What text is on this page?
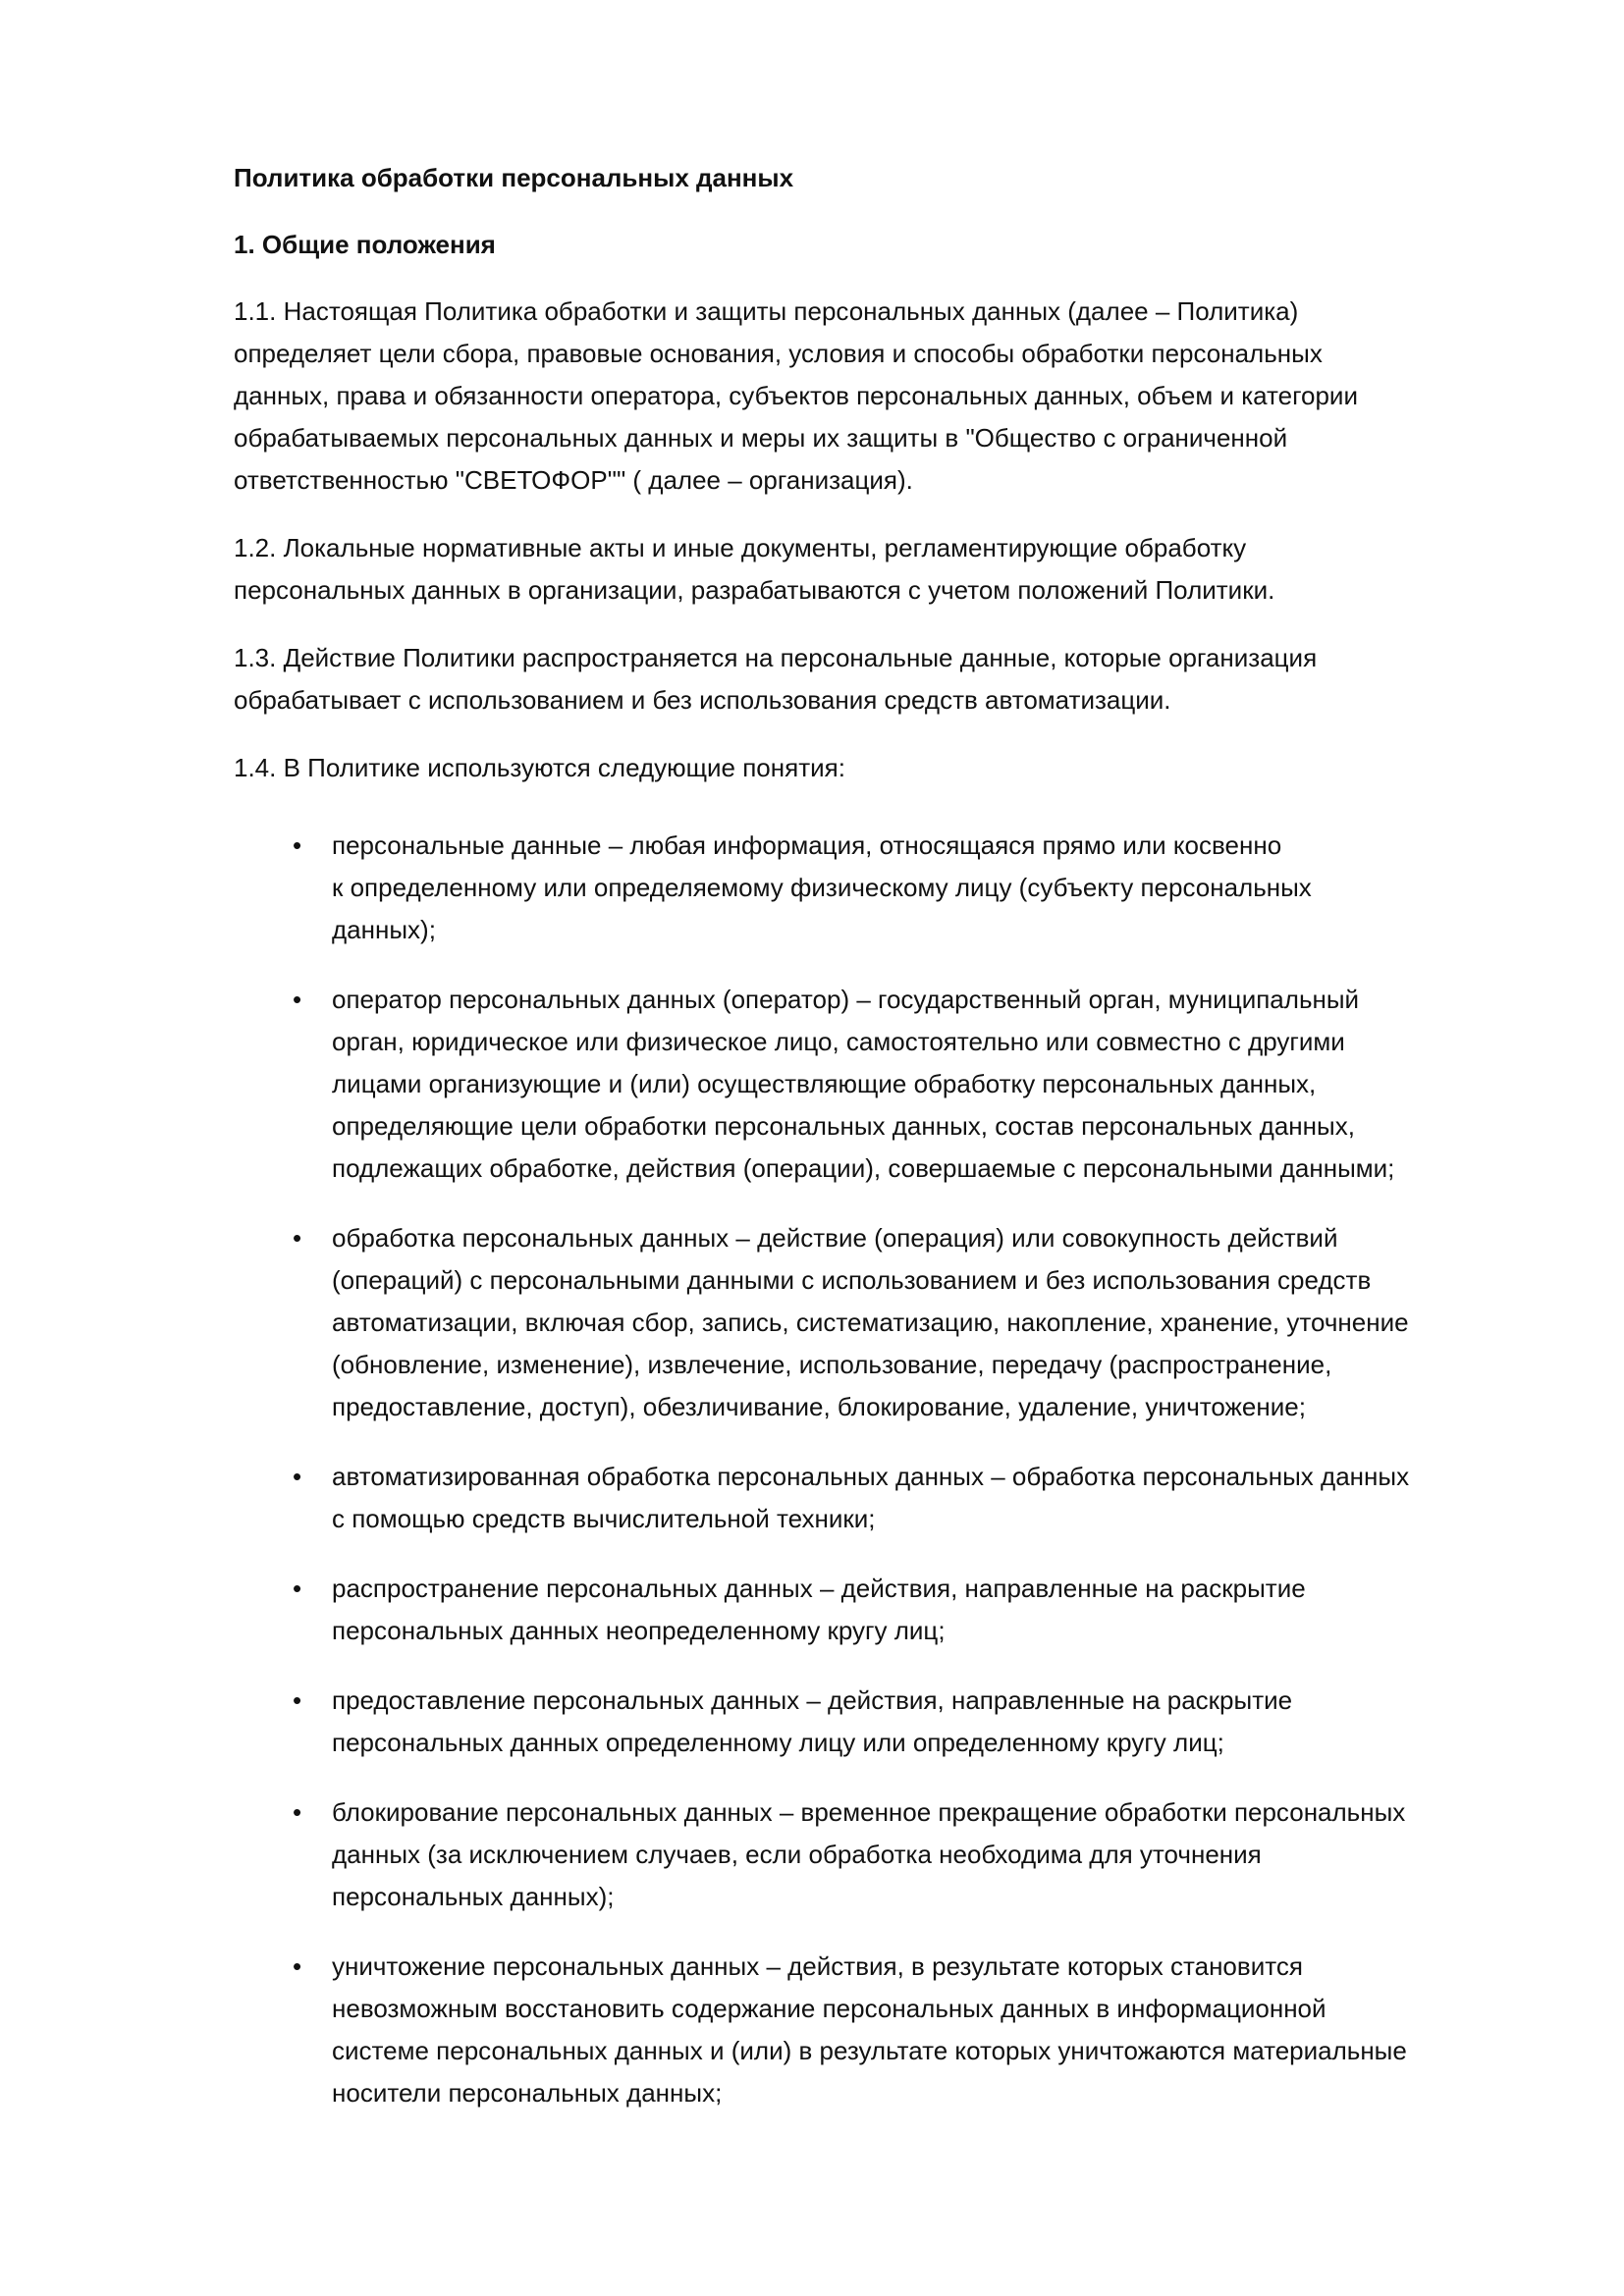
Политика обработки персональных данных
1. Общие положения
1.1. Настоящая Политика обработки и защиты персональных данных (далее – Политика)
определяет цели сбора, правовые основания, условия и способы обработки персональных
данных, права и обязанности оператора, субъектов персональных данных, объем и категории
обрабатываемых персональных данных и меры их защиты в "Общество с ограниченной
ответственностью "СВЕТОФОР"" ( далее – организация).
1.2. Локальные нормативные акты и иные документы, регламентирующие обработку
персональных данных в организации, разрабатываются с учетом положений Политики.
1.3. Действие Политики распространяется на персональные данные, которые организация
обрабатывает с использованием и без использования средств автоматизации.
1.4. В Политике используются следующие понятия:
• персональные данные – любая информация, относящаяся прямо или косвенно
к определенному или определяемому физическому лицу (субъекту персональных
данных);
• оператор персональных данных (оператор) – государственный орган, муниципальный
орган, юридическое или физическое лицо, самостоятельно или совместно с другими
лицами организующие и (или) осуществляющие обработку персональных данных,
определяющие цели обработки персональных данных, состав персональных данных,
подлежащих обработке, действия (операции), совершаемые с персональными данными;
• обработка персональных данных – действие (операция) или совокупность действий
(операций) с персональными данными с использованием и без использования средств
автоматизации, включая сбор, запись, систематизацию, накопление, хранение, уточнение
(обновление, изменение), извлечение, использование, передачу (распространение,
предоставление, доступ), обезличивание, блокирование, удаление, уничтожение;
• автоматизированная обработка персональных данных – обработка персональных данных
с помощью средств вычислительной техники;
• распространение персональных данных – действия, направленные на раскрытие
персональных данных неопределенному кругу лиц;
• предоставление персональных данных – действия, направленные на раскрытие
персональных данных определенному лицу или определенному кругу лиц;
• блокирование персональных данных – временное прекращение обработки персональных
данных (за исключением случаев, если обработка необходима для уточнения
персональных данных);
• уничтожение персональных данных – действия, в результате которых становится
невозможным восстановить содержание персональных данных в информационной
системе персональных данных и (или) в результате которых уничтожаются материальные
носители персональных данных;
